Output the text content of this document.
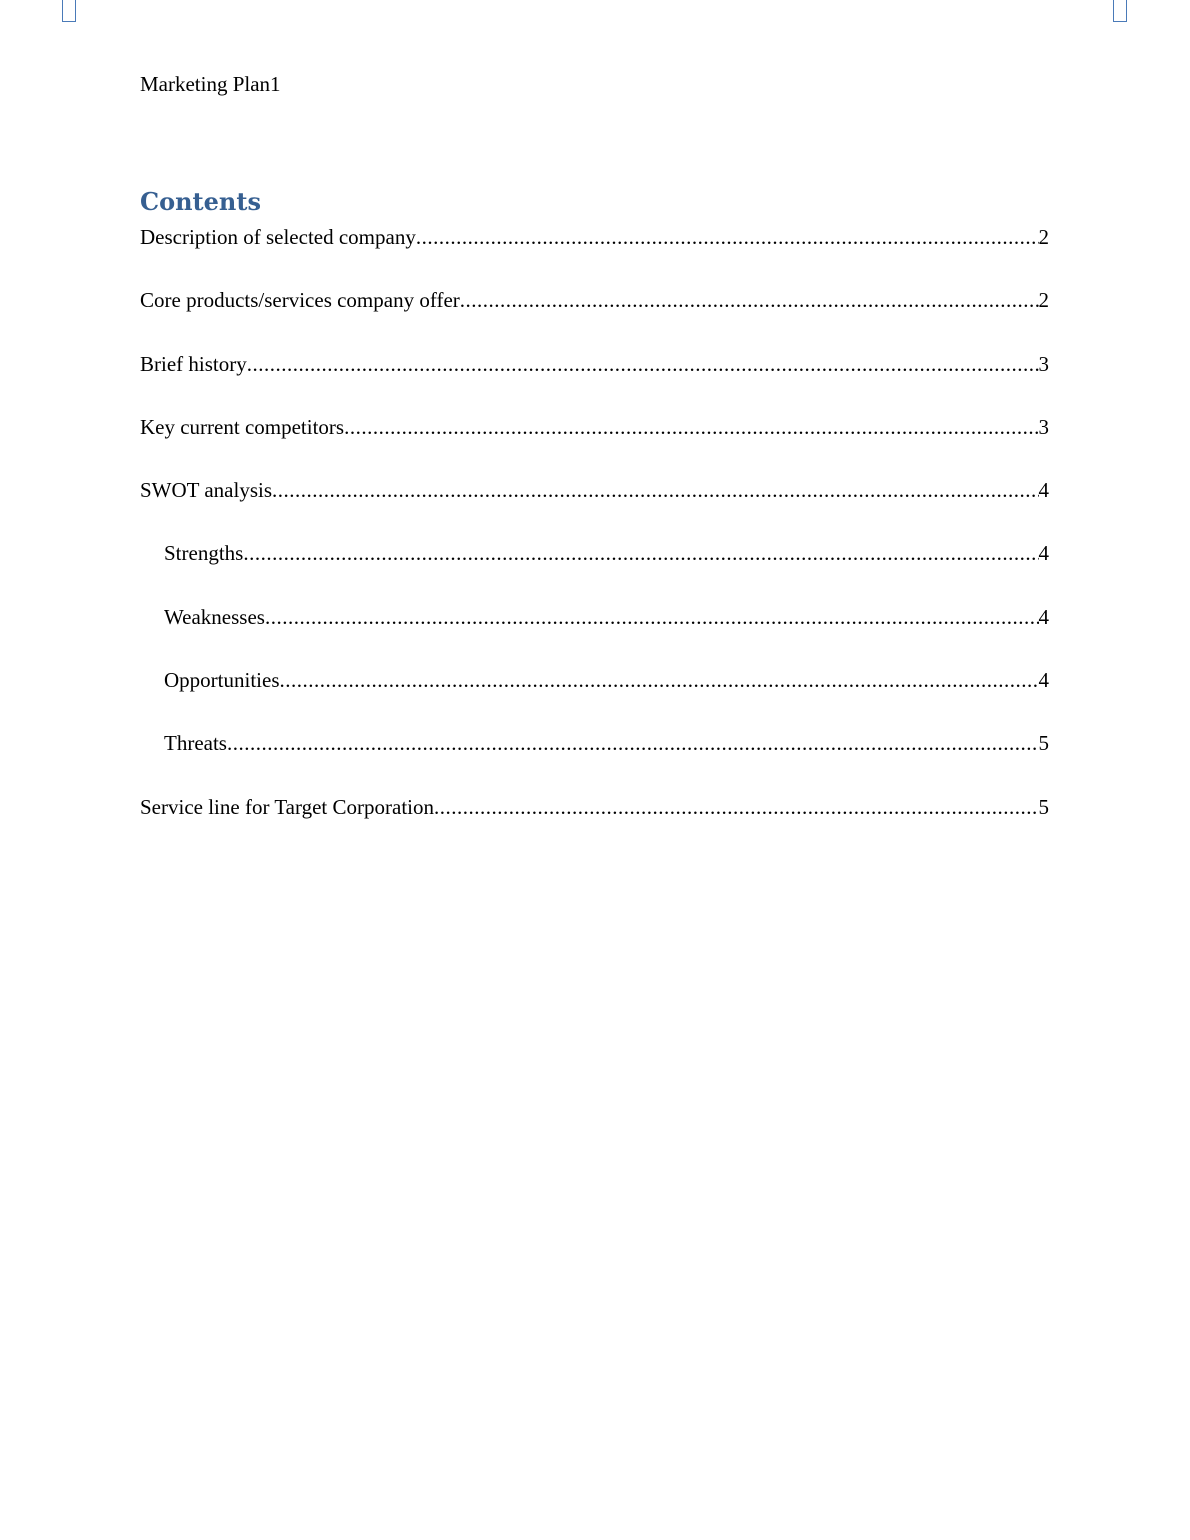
Marketing Plan1
Contents
Description of selected company .....	2
Core products/services company offer .....	2
Brief history .....	3
Key current competitors .....	3
SWOT analysis .....	4
Strengths .....	4
Weaknesses .....	4
Opportunities .....	4
Threats .....	5
Service line for Target Corporation .....	5
